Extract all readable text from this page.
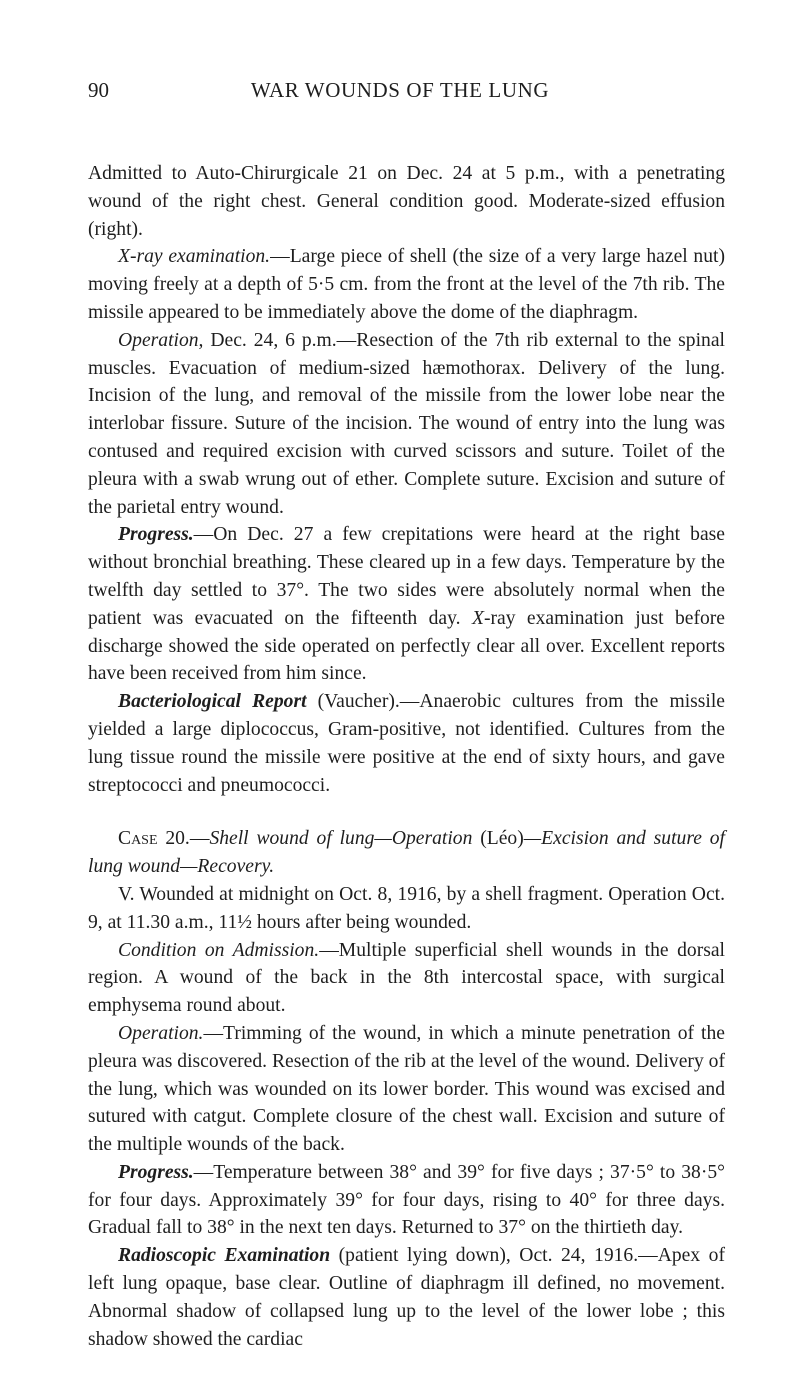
90	WAR WOUNDS OF THE LUNG

Admitted to Auto-Chirurgicale 21 on Dec. 24 at 5 p.m., with a penetrating wound of the right chest. General condition good. Moderate-sized effusion (right).

X-ray examination.—Large piece of shell (the size of a very large hazel nut) moving freely at a depth of 5·5 cm. from the front at the level of the 7th rib. The missile appeared to be immediately above the dome of the diaphragm.

Operation, Dec. 24, 6 p.m.—Resection of the 7th rib external to the spinal muscles. Evacuation of medium-sized hæmothorax. Delivery of the lung. Incision of the lung, and removal of the missile from the lower lobe near the interlobar fissure. Suture of the incision. The wound of entry into the lung was contused and required excision with curved scissors and suture. Toilet of the pleura with a swab wrung out of ether. Complete suture. Excision and suture of the parietal entry wound.

Progress.—On Dec. 27 a few crepitations were heard at the right base without bronchial breathing. These cleared up in a few days. Temperature by the twelfth day settled to 37°. The two sides were absolutely normal when the patient was evacuated on the fifteenth day. X-ray examination just before discharge showed the side operated on perfectly clear all over. Excellent reports have been received from him since.

Bacteriological Report (Vaucher).—Anaerobic cultures from the missile yielded a large diplococcus, Gram-positive, not identified. Cultures from the lung tissue round the missile were positive at the end of sixty hours, and gave streptococci and pneumococci.

Case 20.—Shell wound of lung—Operation (Léo)—Excision and suture of lung wound—Recovery.

V. Wounded at midnight on Oct. 8, 1916, by a shell fragment. Operation Oct. 9, at 11.30 a.m., 11½ hours after being wounded.

Condition on Admission.—Multiple superficial shell wounds in the dorsal region. A wound of the back in the 8th intercostal space, with surgical emphysema round about.

Operation.—Trimming of the wound, in which a minute penetration of the pleura was discovered. Resection of the rib at the level of the wound. Delivery of the lung, which was wounded on its lower border. This wound was excised and sutured with catgut. Complete closure of the chest wall. Excision and suture of the multiple wounds of the back.

Progress.—Temperature between 38° and 39° for five days ; 37·5° to 38·5° for four days. Approximately 39° for four days, rising to 40° for three days. Gradual fall to 38° in the next ten days. Returned to 37° on the thirtieth day.

Radioscopic Examination (patient lying down), Oct. 24, 1916.—Apex of left lung opaque, base clear. Outline of diaphragm ill defined, no movement. Abnormal shadow of collapsed lung up to the level of the lower lobe ; this shadow showed the cardiac
